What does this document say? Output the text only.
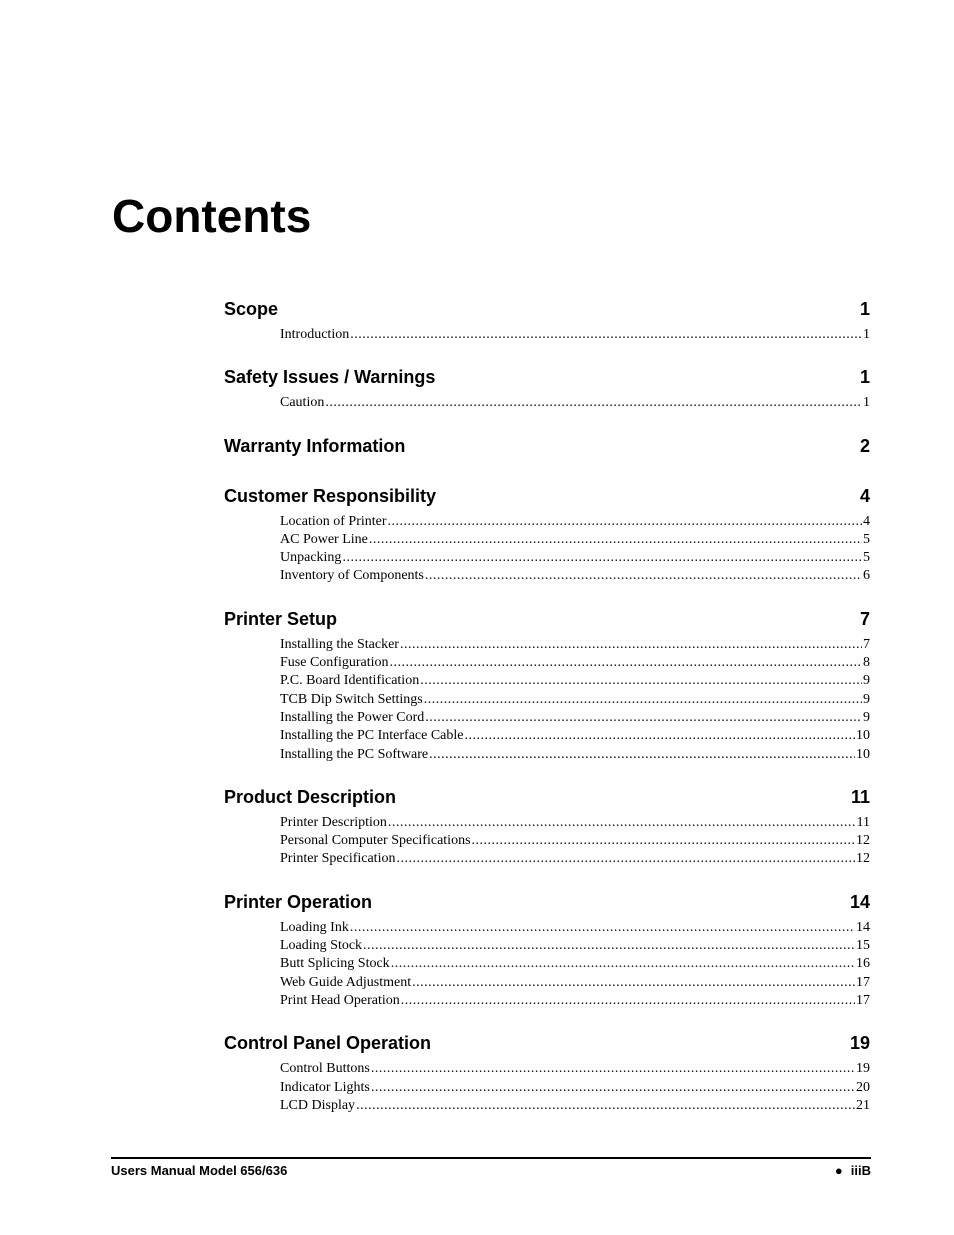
Contents
Scope	1
Introduction .....	1
Safety Issues / Warnings	1
Caution .....	1
Warranty Information	2
Customer Responsibility	4
Location of Printer .....	4
AC Power Line .....	5
Unpacking .....	5
Inventory of Components .....	6
Printer Setup	7
Installing the Stacker .....	7
Fuse Configuration .....	8
P.C. Board Identification .....	9
TCB Dip Switch Settings .....	9
Installing the Power Cord .....	9
Installing the PC Interface Cable .....	10
Installing the PC Software .....	10
Product Description	11
Printer Description .....	11
Personal Computer Specifications .....	12
Printer Specification .....	12
Printer Operation	14
Loading Ink .....	14
Loading Stock .....	15
Butt Splicing Stock .....	16
Web Guide Adjustment .....	17
Print Head Operation .....	17
Control Panel Operation	19
Control Buttons .....	19
Indicator Lights .....	20
LCD Display .....	21
Users Manual Model 656/636	● iiiB
